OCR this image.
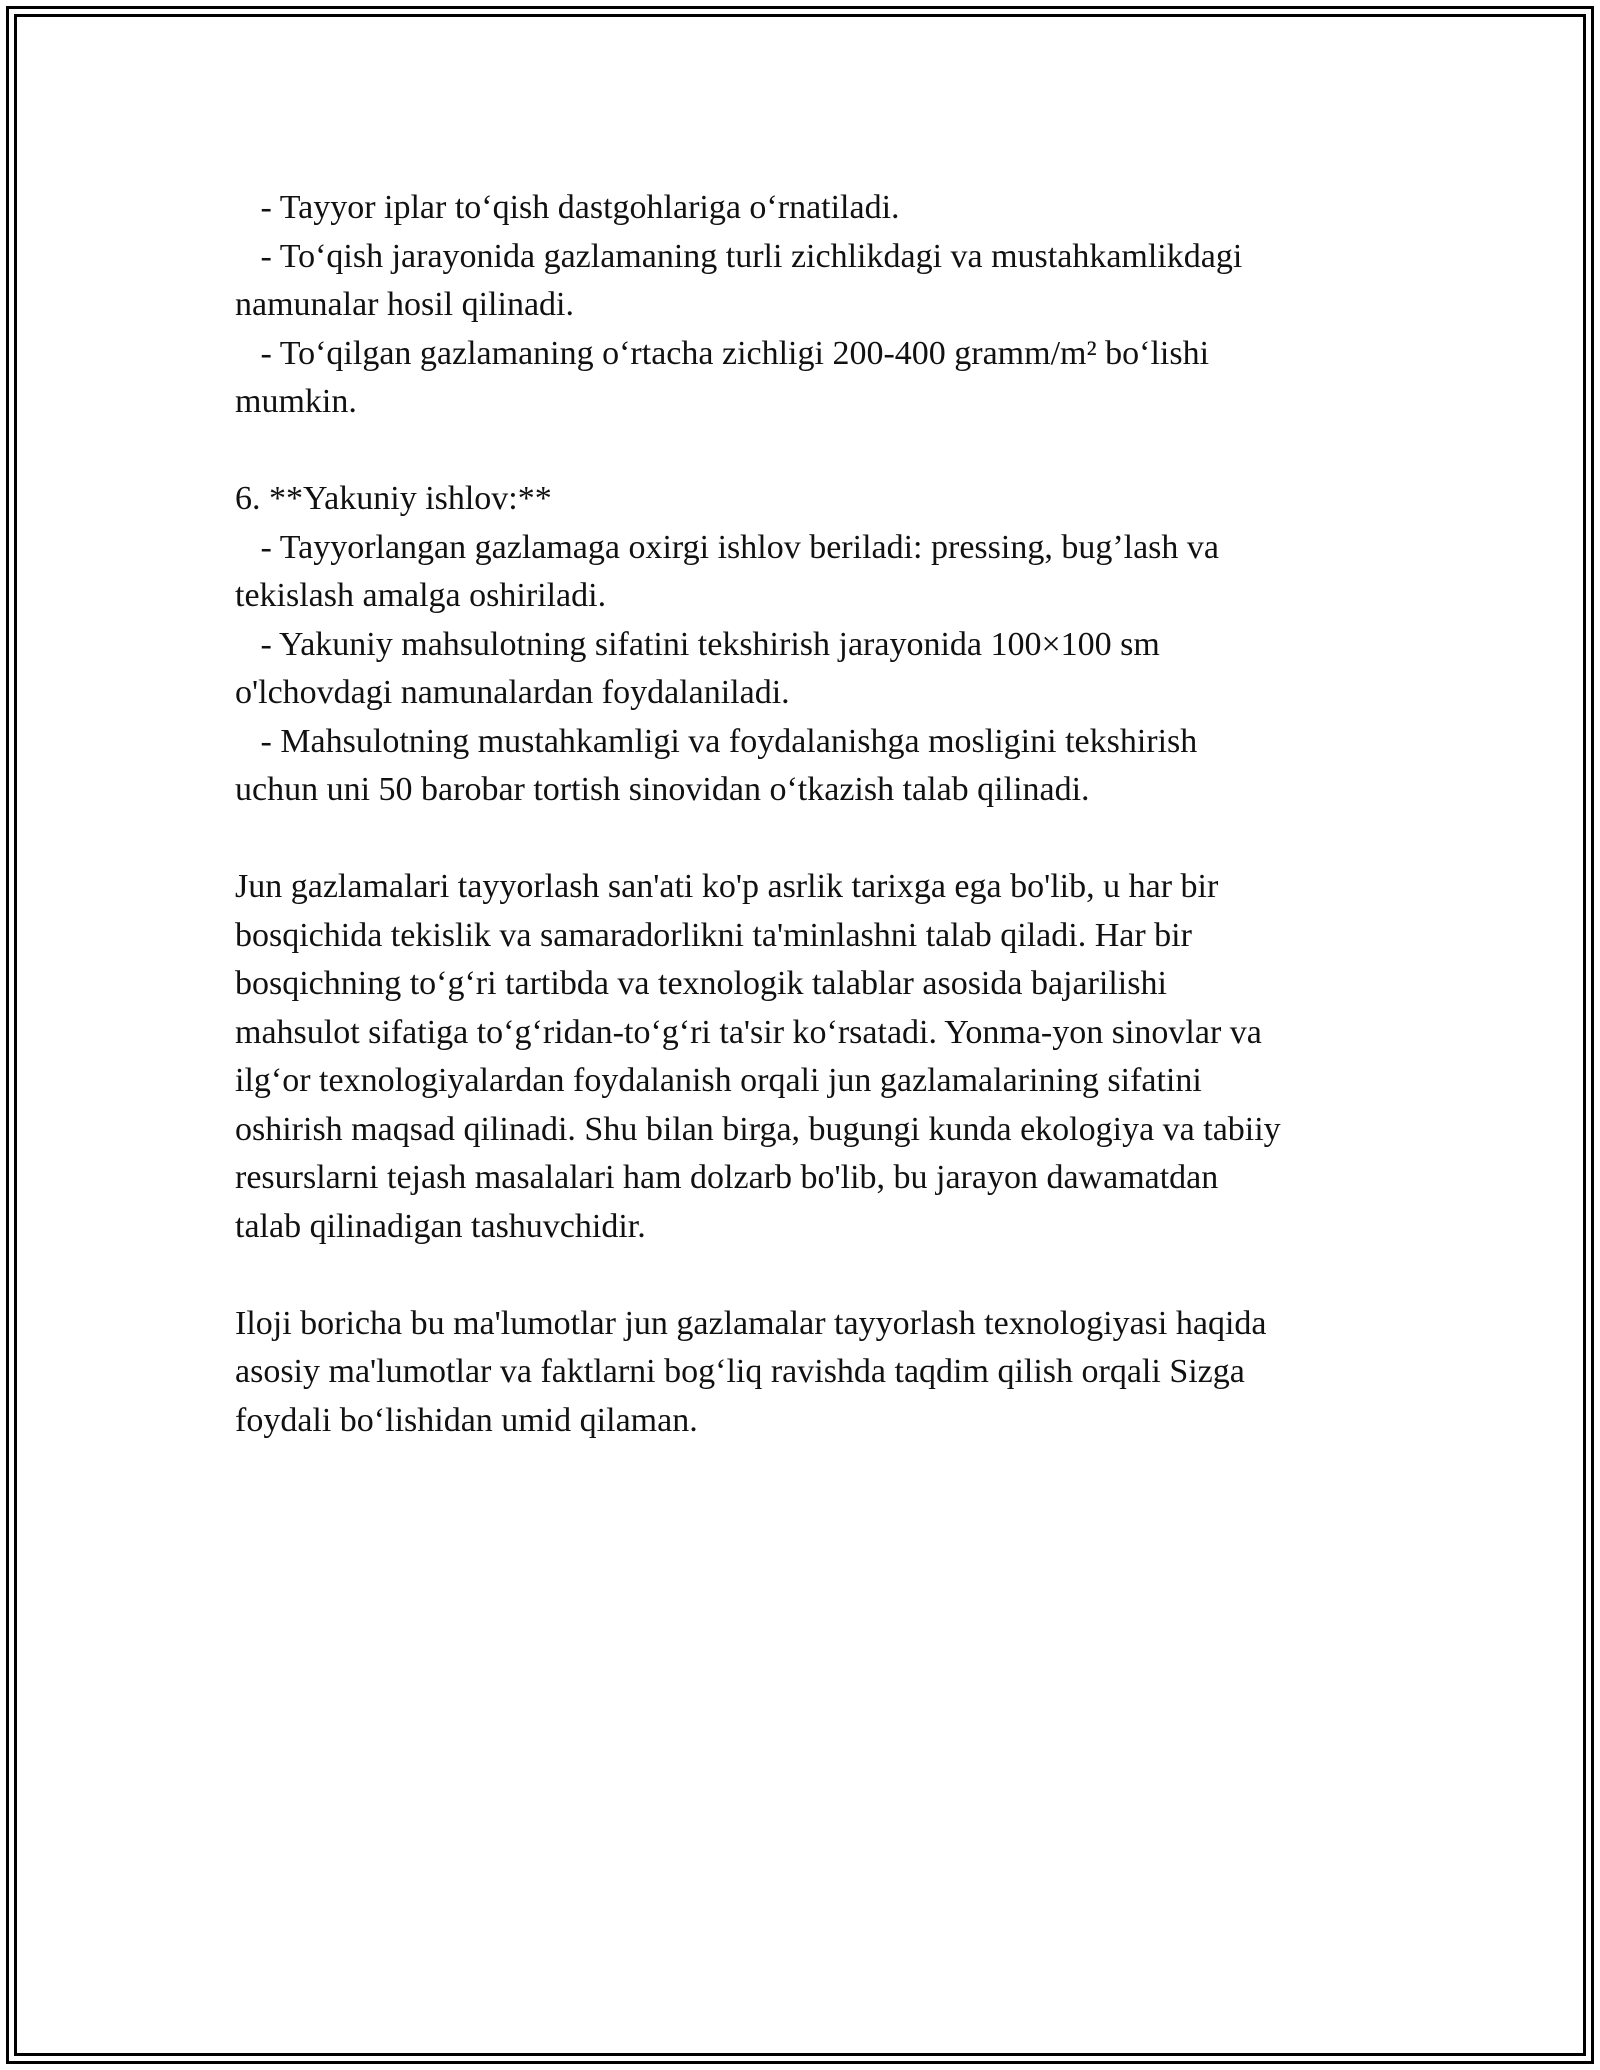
- Tayyor iplar toʻqish dastgohlariga oʻrnatiladi.
- Toʻqish jarayonida gazlamaning turli zichlikdagi va mustahkamlikdagi
namunalar hosil qilinadi.
- Toʻqilgan gazlamaning oʻrtacha zichligi 200-400 gramm/m² boʻlishi
mumkin.
6. **Yakuniy ishlov:**
- Tayyorlangan gazlamaga oxirgi ishlov beriladi: pressing, bug’lash va
tekislash amalga oshiriladi.
- Yakuniy mahsulotning sifatini tekshirish jarayonida 100×100 sm
o'lchovdagi namunalardan foydalaniladi.
- Mahsulotning mustahkamligi va foydalanishga mosligini tekshirish
uchun uni 50 barobar tortish sinovidan oʻtkazish talab qilinadi.
Jun gazlamalari tayyorlash san'ati ko'p asrlik tarixga ega bo'lib, u har bir
bosqichida tekislik va samaradorlikni ta'minlashni talab qiladi. Har bir
bosqichning toʻgʻri tartibda va texnologik talablar asosida bajarilishi
mahsulot sifatiga toʻgʻridan-toʻgʻri ta'sir koʻrsatadi. Yonma-yon sinovlar va
ilgʻor texnologiyalardan foydalanish orqali jun gazlamalarining sifatini
oshirish maqsad qilinadi. Shu bilan birga, bugungi kunda ekologiya va tabiiy
resurslarni tejash masalalari ham dolzarb bo'lib, bu jarayon dawamatdan
talab qilinadigan tashuvchidir.
Iloji boricha bu ma'lumotlar jun gazlamalar tayyorlash texnologiyasi haqida
asosiy ma'lumotlar va faktlarni bogʻliq ravishda taqdim qilish orqali Sizga
foydali boʻlishidan umid qilaman.
